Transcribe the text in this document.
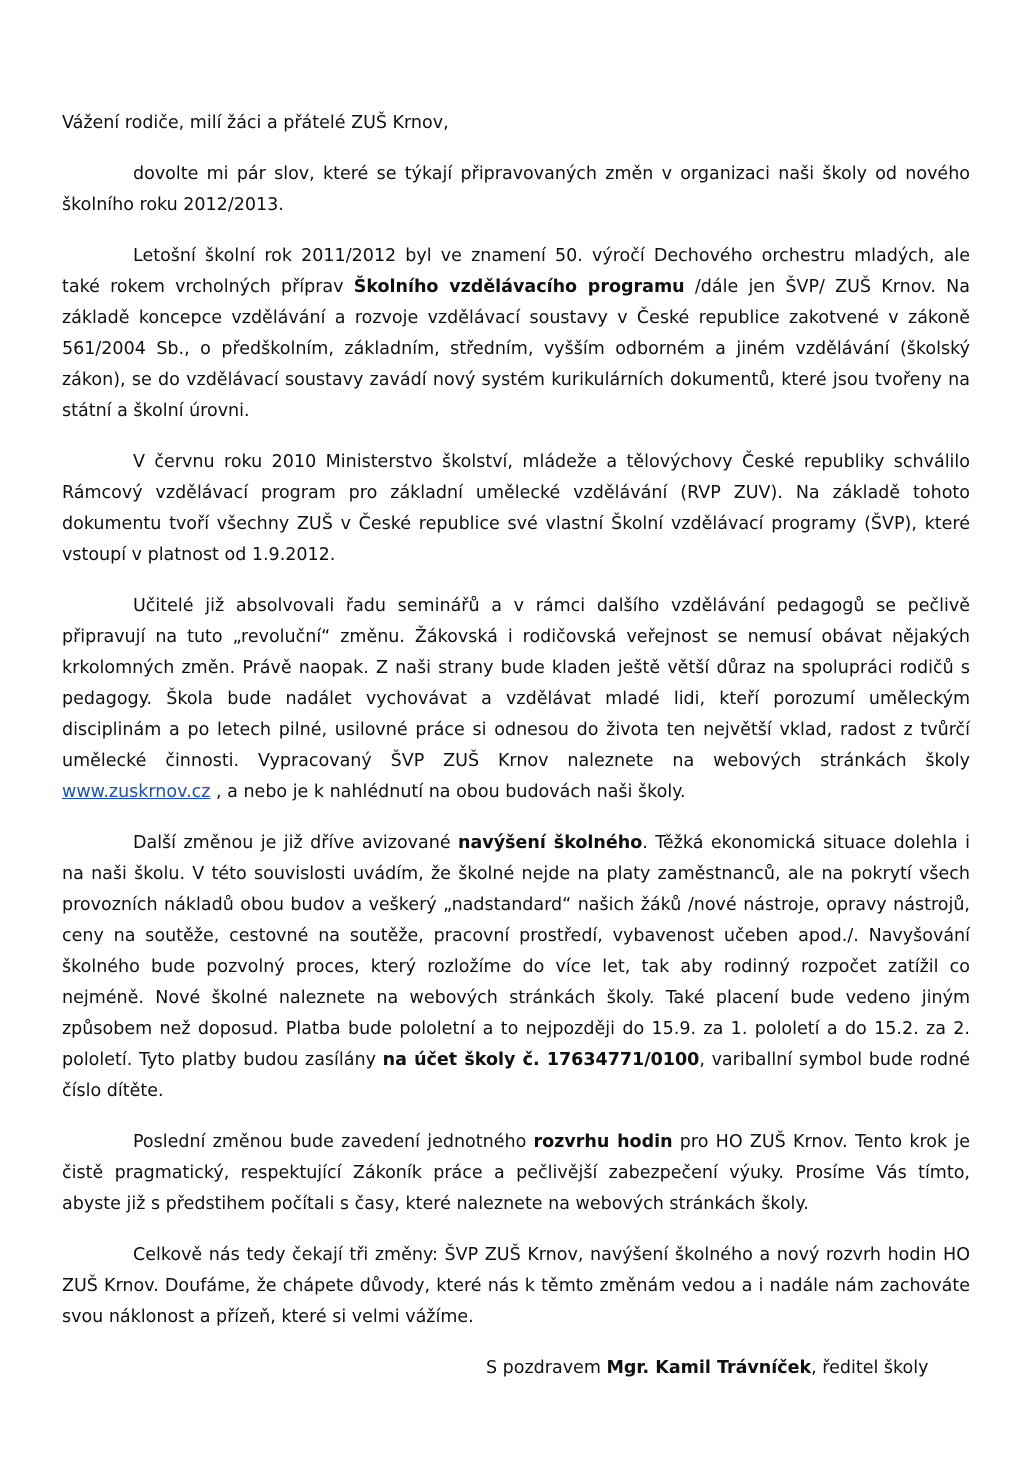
Vážení rodiče, milí žáci a přátelé ZUŠ Krnov,

dovolte mi pár slov, které se týkají připravovaných změn v organizaci naši školy od nového školního roku 2012/2013.

Letošní školní rok 2011/2012 byl ve znamení 50. výročí Dechového orchestru mladých, ale také rokem vrcholných příprav Školního vzdělávacího programu /dále jen ŠVP/ ZUŠ Krnov. Na základě koncepce vzdělávání a rozvoje vzdělávací soustavy v České republice zakotvené v zákoně 561/2004 Sb., o předškolním, základním, středním, vyšším odborném a jiném vzdělávání (školský zákon), se do vzdělávací soustavy zavádí nový systém kurikulárních dokumentů, které jsou tvořeny na státní a školní úrovni.

V červnu roku 2010 Ministerstvo školství, mládeže a tělovýchovy České republiky schválilo Rámcový vzdělávací program pro základní umělecké vzdělávání (RVP ZUV). Na základě tohoto dokumentu tvoří všechny ZUŠ v České republice své vlastní Školní vzdělávací programy (ŠVP), které vstoupí v platnost od 1.9.2012.

Učitelé již absolvovali řadu seminářů a v rámci dalšího vzdělávání pedagogů se pečlivě připravují na tuto „revoluční“ změnu. Žákovská i rodičovská veřejnost se nemusí obávat nějakých krkolomných změn. Právě naopak. Z naši strany bude kladen ještě větší důraz na spolupráci rodičů s pedagogy. Škola bude nadálet vychovávat a vzdělávat mladé lidi, kteří porozumí uměleckým disciplinám a po letech pilné, usilovné práce si odnesou do života ten největší vklad, radost z tvůrčí umělecké činnosti. Vypracovaný ŠVP ZUŠ Krnov naleznete na webových stránkách školy www.zuskrnov.cz , a nebo je k nahlédnutí na obou budovách naši školy.

Další změnou je již dříve avizované navýšení školného. Těžká ekonomická situace dolehla i na naši školu. V této souvislosti uvádím, že školné nejde na platy zaměstnanců, ale na pokrytí všech provozních nákladů obou budov a veškerý „nadstandard“ našich žáků /nové nástroje, opravy nástrojů, ceny na soutěže, cestovné na soutěže, pracovní prostředí, vybavenost učeben apod./. Navyšování školného bude pozvolný proces, který rozložíme do více let, tak aby rodinný rozpočet zatížil co nejméně. Nové školné naleznete na webových stránkách školy. Také placení bude vedeno jiným způsobem než doposud. Platba bude pololetní a to nejpozději do 15.9. za 1. pololetí a do 15.2. za 2. pololetí. Tyto platby budou zasílány na účet školy č. 17634771/0100, variballní symbol bude rodné číslo dítěte.

Poslední změnou bude zavedení jednotného rozvrhu hodin pro HO ZUŠ Krnov. Tento krok je čistě pragmatický, respektující Zákoník práce a pečlivější zabezpečení výuky. Prosíme Vás tímto, abyste již s předstihem počítali s časy, které naleznete na webových stránkách školy.

Celkově nás tedy čekají tři změny: ŠVP ZUŠ Krnov, navýšení školného a nový rozvrh hodin HO ZUŠ Krnov. Doufáme, že chápete důvody, které nás k těmto změnám vedou a i nadále nám zachováte svou náklonost a přízeň, které si velmi vážíme.

S pozdravem Mgr. Kamil Trávníček, ředitel školy
